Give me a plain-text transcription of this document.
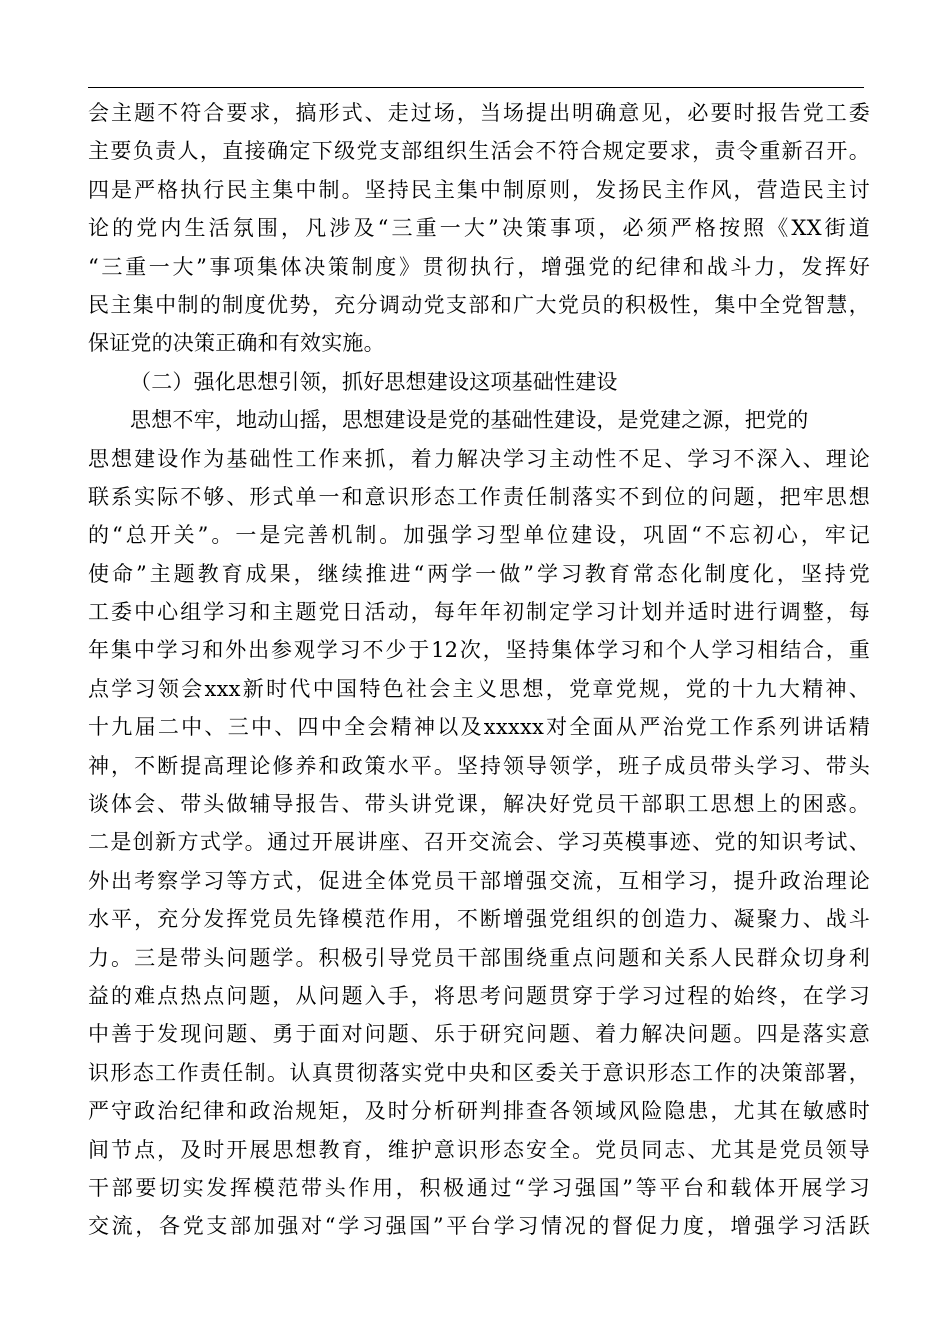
会主题不符合要求，搞形式、走过场，当场提出明确意见，必要时报告党工委
主要负责人，直接确定下级党支部组织生活会不符合规定要求，责令重新召开。
四是严格执行民主集中制。坚持民主集中制原则，发扬民主作风，营造民主讨
论的党内生活氛围，凡涉及“三重一大”决策事项，必须严格按照《XX街道
“三重一大”事项集体决策制度》贯彻执行，增强党的纪律和战斗力，发挥好
民主集中制的制度优势，充分调动党支部和广大党员的积极性，集中全党智慧，
保证党的决策正确和有效实施。
（二）强化思想引领，抓好思想建设这项基础性建设
思想不牢，地动山摇，思想建设是党的基础性建设，是党建之源，把党的
思想建设作为基础性工作来抓，着力解决学习主动性不足、学习不深入、理论
联系实际不够、形式单一和意识形态工作责任制落实不到位的问题，把牢思想
的“总开关”。一是完善机制。加强学习型单位建设，巩固“不忘初心，牢记
使命”主题教育成果，继续推进“两学一做”学习教育常态化制度化，坚持党
工委中心组学习和主题党日活动，每年年初制定学习计划并适时进行调整，每
年集中学习和外出参观学习不少于12次，坚持集体学习和个人学习相结合，重
点学习领会xxx新时代中国特色社会主义思想，党章党规，党的十九大精神、
十九届二中、三中、四中全会精神以及xxxxx对全面从严治党工作系列讲话精
神，不断提高理论修养和政策水平。坚持领导领学，班子成员带头学习、带头
谈体会、带头做辅导报告、带头讲党课，解决好党员干部职工思想上的困惑。
二是创新方式学。通过开展讲座、召开交流会、学习英模事迹、党的知识考试、
外出考察学习等方式，促进全体党员干部增强交流，互相学习，提升政治理论
水平，充分发挥党员先锋模范作用，不断增强党组织的创造力、凝聚力、战斗
力。三是带头问题学。积极引导党员干部围绕重点问题和关系人民群众切身利
益的难点热点问题，从问题入手，将思考问题贯穿于学习过程的始终，在学习
中善于发现问题、勇于面对问题、乐于研究问题、着力解决问题。四是落实意
识形态工作责任制。认真贯彻落实党中央和区委关于意识形态工作的决策部署，
严守政治纪律和政治规矩，及时分析研判排查各领域风险隐患，尤其在敏感时
间节点，及时开展思想教育，维护意识形态安全。党员同志、尤其是党员领导
干部要切实发挥模范带头作用，积极通过“学习强国”等平台和载体开展学习
交流，各党支部加强对“学习强国”平台学习情况的督促力度，增强学习活跃
